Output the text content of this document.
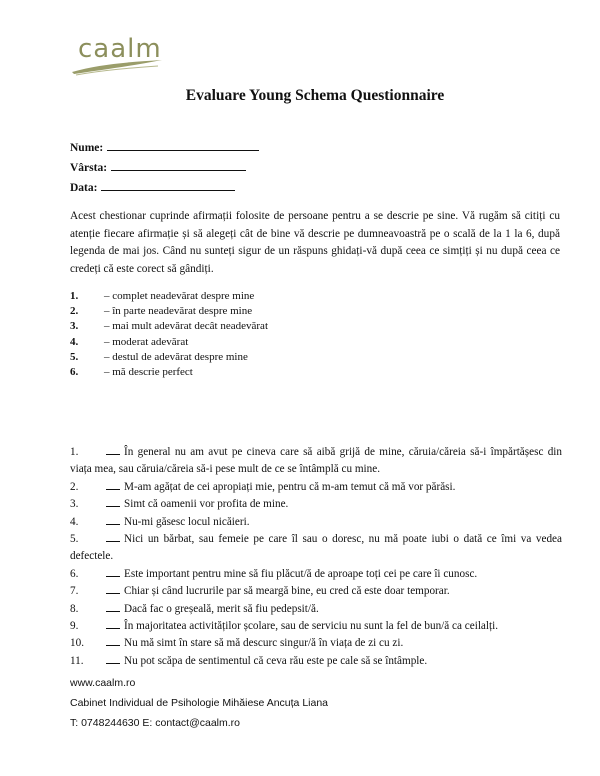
caalm
Evaluare Young Schema Questionnaire
Nume:
Vârsta:
Data:
Acest chestionar cuprinde afirmații folosite de persoane pentru a se descrie pe sine. Vă rugăm să citiți cu atenție fiecare afirmație și să alegeți cât de bine vă descrie pe dumneavoastră pe o scală de la 1 la 6, după legenda de mai jos. Când nu sunteți sigur de un răspuns ghidați-vă după ceea ce simțiți și nu după ceea ce credeți că este corect să gândiți.
1. – complet neadevărat despre mine
2. – în parte neadevărat despre mine
3. – mai mult adevărat decât neadevărat
4. – moderat adevărat
5. – destul de adevărat despre mine
6. – mă descrie perfect
1.	În general nu am avut pe cineva care să aibă grijă de mine, căruia/căreia să-i împărtășesc din viața mea, sau căruia/căreia să-i pese mult de ce se întâmplă cu mine.
2.	M-am agățat de cei apropiați mie, pentru că m-am temut că mă vor părăsi.
3.	Simt că oamenii vor profita de mine.
4.	Nu-mi găsesc locul nicăieri.
5.	Nici un bărbat, sau femeie pe care îl sau o doresc, nu mă poate iubi o dată ce îmi va vedea defectele.
6.	Este important pentru mine să fiu plăcut/ă de aproape toți cei pe care îi cunosc.
7.	Chiar și când lucrurile par să meargă bine, eu cred că este doar temporar.
8.	Dacă fac o greșeală, merit să fiu pedepsit/ă.
9.	În majoritatea activităților școlare, sau de serviciu nu sunt la fel de bun/ă ca ceilalți.
10.	Nu mă simt în stare să mă descurc singur/ă în viața de zi cu zi.
11.	Nu pot scăpa de sentimentul că ceva rău este pe cale să se întâmple.
www.caalm.ro
Cabinet Individual de Psihologie Mihăiese Ancuța Liana
T: 0748244630 E: contact@caalm.ro
